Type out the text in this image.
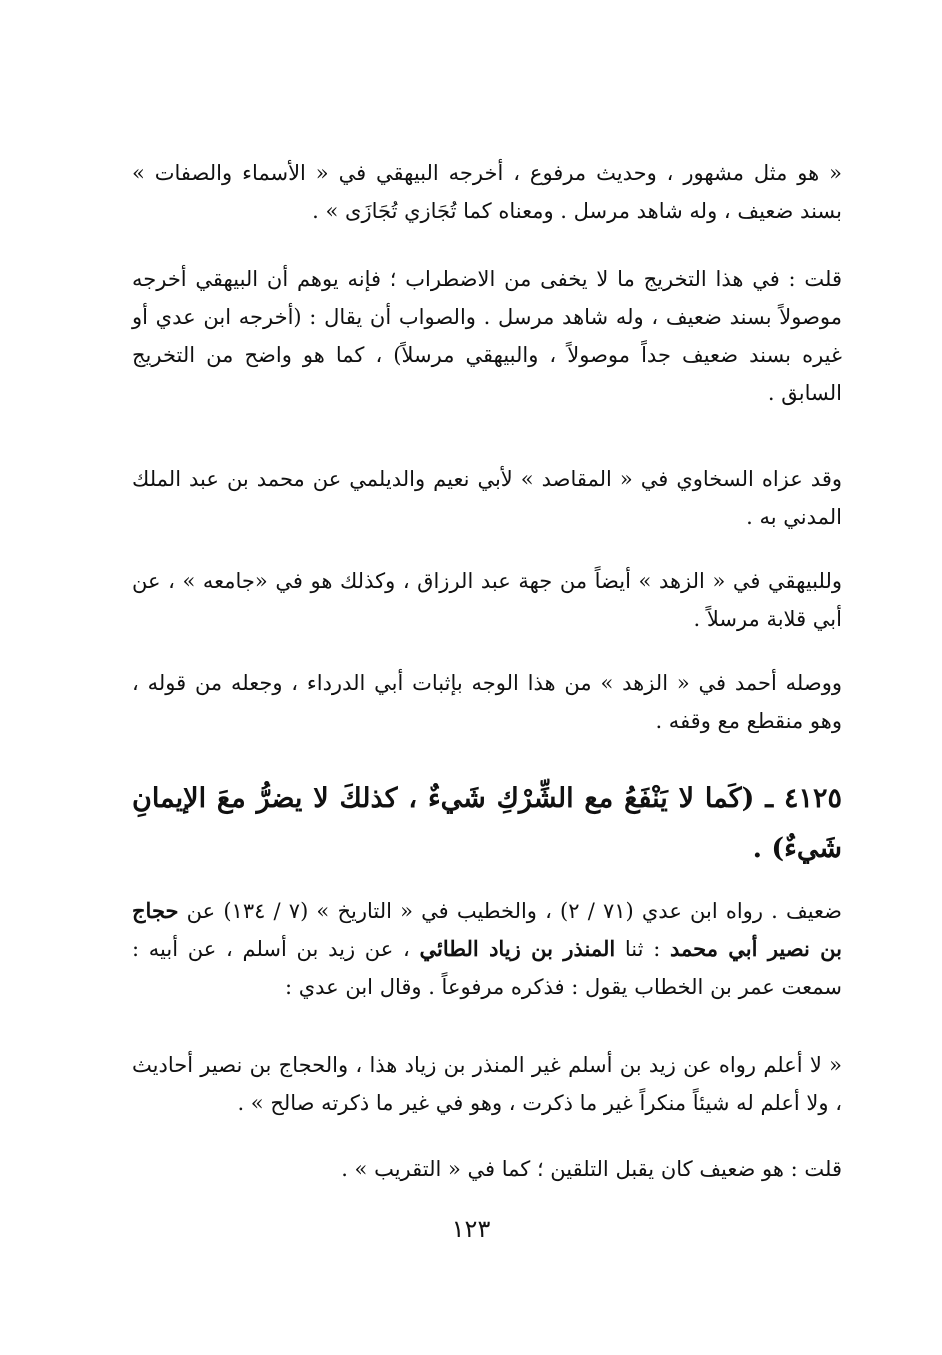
« هو مثل مشهور ، وحديث مرفوع ، أخرجه البيهقي في « الأسماء والصفات » بسند ضعيف ، وله شاهد مرسل . ومعناه كما تُجَازي تُجَازَى » .
قلت : في هذا التخريج ما لا يخفى من الاضطراب ؛ فإنه يوهم أن البيهقي أخرجه موصولاً بسند ضعيف ، وله شاهد مرسل . والصواب أن يقال : (أخرجه ابن عدي أو غيره بسند ضعيف جداً موصولاً ، والبيهقي مرسلاً) ، كما هو واضح من التخريج السابق .
وقد عزاه السخاوي في « المقاصد » لأبي نعيم والديلمي عن محمد بن عبد الملك المدني به .
وللبيهقي في « الزهد » أيضاً من جهة عبد الرزاق ، وكذلك هو في «جامعه » ، عن أبي قلابة مرسلاً .
ووصله أحمد في « الزهد » من هذا الوجه بإثبات أبي الدرداء ، وجعله من قوله ، وهو منقطع مع وقفه .
٤١٢٥ ـ (كَما لا يَنْفَعُ مع الشِّرْكِ شَيءٌ ، كذلكَ لا يضرُّ معَ الإيمانِ شَيءٌ) .
ضعيف . رواه ابن عدي (٧١ / ٢) ، والخطيب في « التاريخ » (٧ / ١٣٤) عن حجاج بن نصير أبي محمد : ثنا المنذر بن زياد الطائي ، عن زيد بن أسلم ، عن أبيه : سمعت عمر بن الخطاب يقول : فذكره مرفوعاً . وقال ابن عدي :
« لا أعلم رواه عن زيد بن أسلم غير المنذر بن زياد هذا ، والحجاج بن نصير أحاديث ، ولا أعلم له شيئاً منكراً غير ما ذكرت ، وهو في غير ما ذكرته صالح » .
قلت : هو ضعيف كان يقبل التلقين ؛ كما في « التقريب » .
١٢٣
